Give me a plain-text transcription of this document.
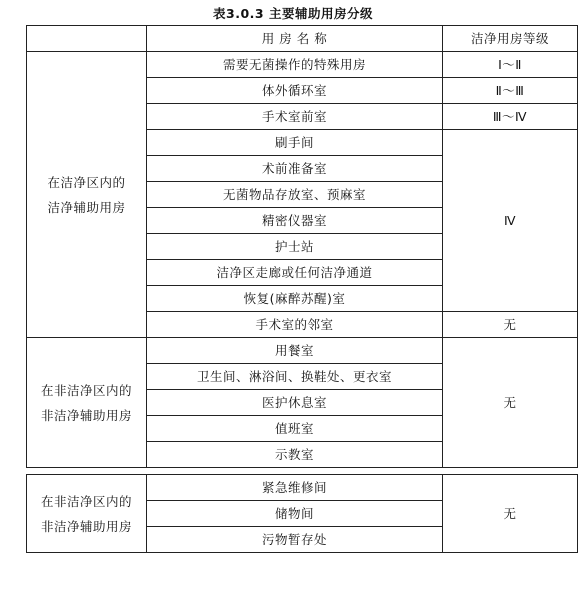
表3.0.3 主要辅助用房分级
	用 房 名 称	洁净用房等级
在洁净区内的
洁净辅助用房	需要无菌操作的特殊用房	Ⅰ～Ⅱ
	体外循环室	Ⅱ～Ⅲ
	手术室前室	Ⅲ～Ⅳ
	刷手间	Ⅳ
	术前准备室	
	无菌物品存放室、预麻室	
	精密仪器室	
	护士站	
	洁净区走廊或任何洁净通道	
	恢复(麻醉苏醒)室	
	手术室的邻室	无
在非洁净区内的
非洁净辅助用房	用餐室	无
	卫生间、淋浴间、换鞋处、更衣室	
	医护休息室	
	值班室	
	示教室	

在非洁净区内的
非洁净辅助用房	紧急维修间	无
	储物间	
	污物暂存处	
